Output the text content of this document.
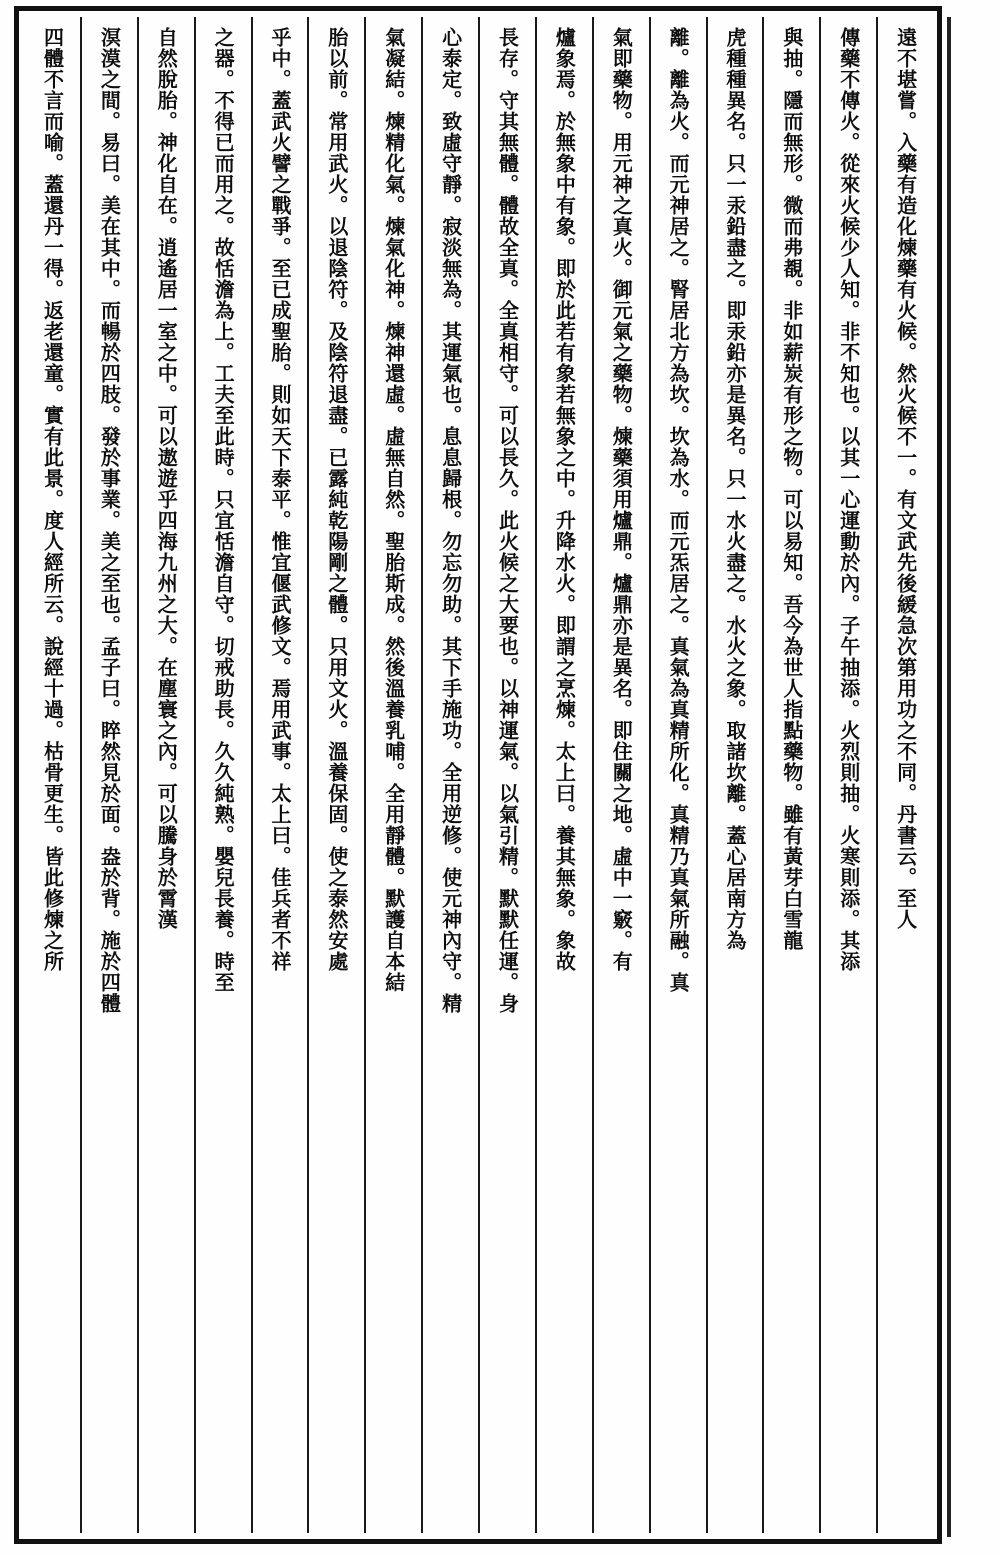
遠不堪嘗。入藥有造化煉藥有火候。然火候不一。有文武先後緩急次第用功之不同。丹書云。至人
傳藥不傳火。從來火候少人知。非不知也。以其一心運動於內。子午抽添。火烈則抽。火寒則添。其添
與抽。隱而無形。微而弗覩。非如薪炭有形之物。可以易知。吾今為世人指點藥物。雖有黃芽白雪龍
虎種種異名。只一汞鉛盡之。即汞鉛亦是異名。只一水火盡之。水火之象。取諸坎離。蓋心居南方為
離。離為火。而元神居之。腎居北方為坎。坎為水。而元炁居之。真氣為真精所化。真精乃真氣所融。真
氣即藥物。用元神之真火。御元氣之藥物。煉藥須用爐鼎。爐鼎亦是異名。即住關之地。虛中一竅。有
爐象焉。於無象中有象。即於此若有象若無象之中。升降水火。即謂之烹煉。太上曰。養其無象。象故
長存。守其無體。體故全真。全真相守。可以長久。此火候之大要也。以神運氣。以氣引精。默默任運。身
心泰定。致虛守靜。寂淡無為。其運氣也。息息歸根。勿忘勿助。其下手施功。全用逆修。使元神內守。精
氣凝結。煉精化氣。煉氣化神。煉神還虛。虛無自然。聖胎斯成。然後溫養乳哺。全用靜體。默護自本結
胎以前。常用武火。以退陰符。及陰符退盡。已露純乾陽剛之體。只用文火。溫養保固。使之泰然安處
乎中。蓋武火譬之戰爭。至已成聖胎。則如天下泰平。惟宜偃武修文。焉用武事。太上曰。佳兵者不祥
之器。不得已而用之。故恬澹為上。工夫至此時。只宜恬澹自守。切戒助長。久久純熟。嬰兒長養。時至
自然脫胎。神化自在。逍遙居一室之中。可以遨遊乎四海九州之大。在塵寰之內。可以騰身於霄漢
溟漠之間。易曰。美在其中。而暢於四肢。發於事業。美之至也。孟子曰。睟然見於面。盎於背。施於四體
四體不言而喻。蓋還丹一得。返老還童。實有此景。度人經所云。說經十過。枯骨更生。皆此修煉之所
